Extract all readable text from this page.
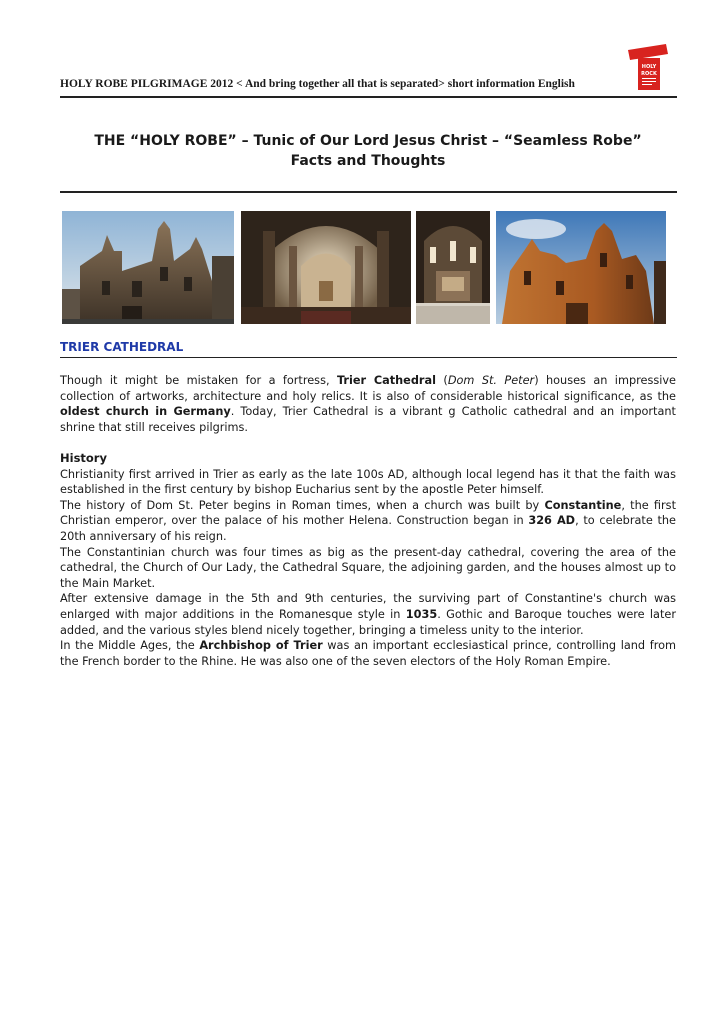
HOLY ROBE PILGRIMAGE 2012 < And bring together all that is separated> short information English
HOLY
ROCK
THE “HOLY ROBE” – Tunic of Our Lord Jesus Christ – “Seamless Robe”
Facts and Thoughts
TRIER CATHEDRAL

Though it might be mistaken for a fortress, Trier Cathedral (Dom St. Peter) houses an impressive collection of artworks, architecture and holy relics. It is also of considerable historical significance, as the oldest church in Germany. Today, Trier Cathedral is a vibrant g Catholic cathedral and an important shrine that still receives pilgrims.

History

Christianity first arrived in Trier as early as the late 100s AD, although local legend has it that the faith was established in the first century by bishop Eucharius sent by the apostle Peter himself.

The history of Dom St. Peter begins in Roman times, when a church was built by Constantine, the first Christian emperor, over the palace of his mother Helena. Construction began in 326 AD, to celebrate the 20th anniversary of his reign.

The Constantinian church was four times as big as the present-day cathedral, covering the area of the cathedral, the Church of Our Lady, the Cathedral Square, the adjoining garden, and the houses almost up to the Main Market.

After extensive damage in the 5th and 9th centuries, the surviving part of Constantine's church was enlarged with major additions in the Romanesque style in 1035. Gothic and Baroque touches were later added, and the various styles blend nicely together, bringing a timeless unity to the interior.

In the Middle Ages, the Archbishop of Trier was an important ecclesiastical prince, controlling land from the French border to the Rhine. He was also one of the seven electors of the Holy Roman Empire.
